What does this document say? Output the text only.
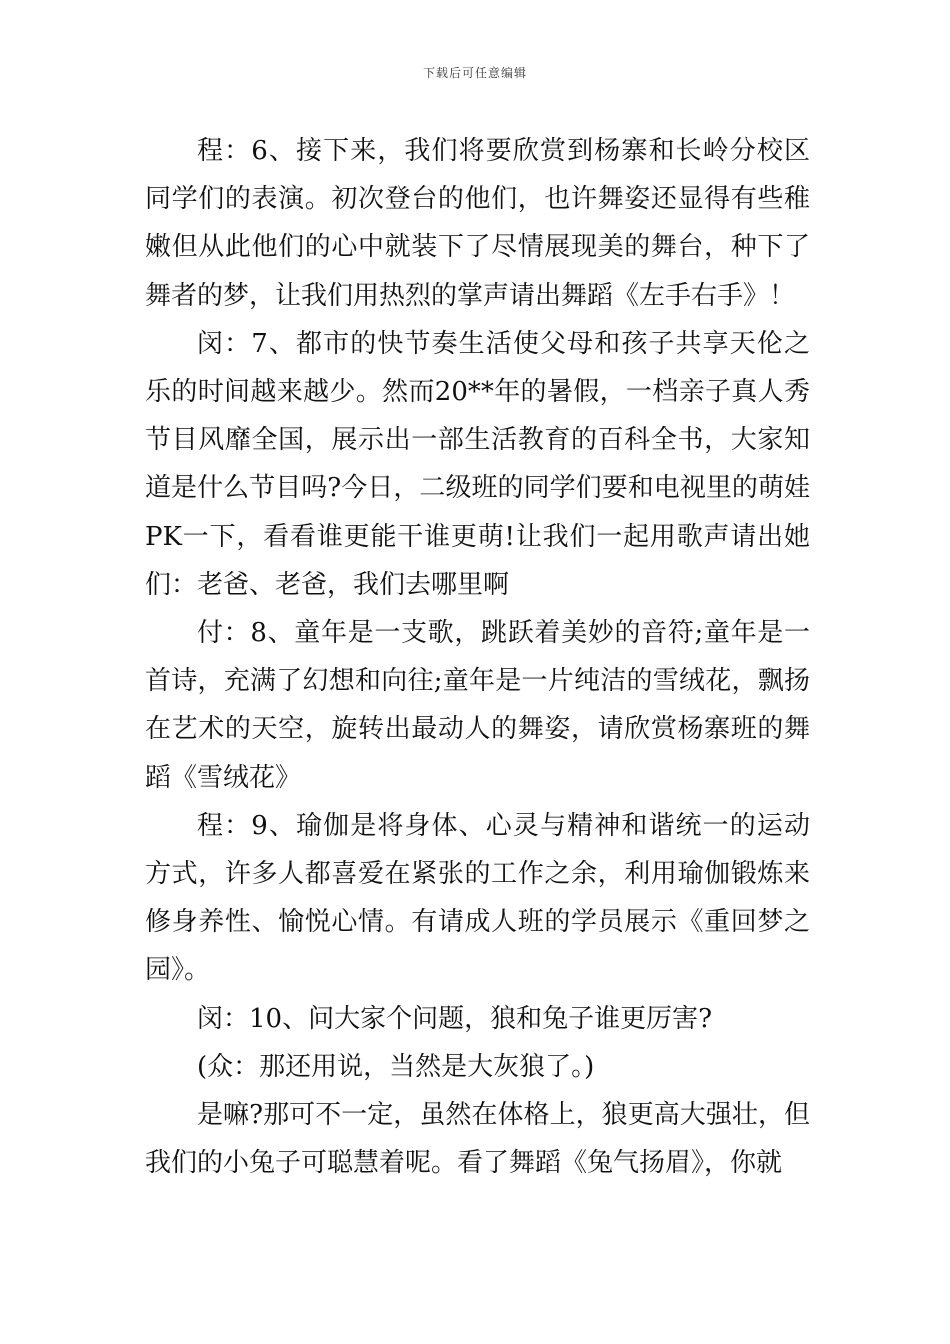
下载后可任意编辑

程：6、接下来，我们将要欣赏到杨寨和长岭分校区同学们的表演。初次登台的他们，也许舞姿还显得有些稚嫩但从此他们的心中就装下了尽情展现美的舞台，种下了舞者的梦，让我们用热烈的掌声请出舞蹈《左手右手》！

闵：7、都市的快节奏生活使父母和孩子共享天伦之乐的时间越来越少。然而20**年的暑假，一档亲子真人秀节目风靡全国，展示出一部生活教育的百科全书，大家知道是什么节目吗?今日，二级班的同学们要和电视里的萌娃PK一下，看看谁更能干谁更萌!让我们一起用歌声请出她们：老爸、老爸，我们去哪里啊

付：8、童年是一支歌，跳跃着美妙的音符;童年是一首诗，充满了幻想和向往;童年是一片纯洁的雪绒花，飘扬在艺术的天空，旋转出最动人的舞姿，请欣赏杨寨班的舞蹈《雪绒花》

程：9、瑜伽是将身体、心灵与精神和谐统一的运动方式，许多人都喜爱在紧张的工作之余，利用瑜伽锻炼来修身养性、愉悦心情。有请成人班的学员展示《重回梦之园》。

闵：10、问大家个问题，狼和兔子谁更厉害?

(众：那还用说，当然是大灰狼了。)

是嘛?那可不一定，虽然在体格上，狼更高大强壮，但我们的小兔子可聪慧着呢。看了舞蹈《兔气扬眉》，你就
